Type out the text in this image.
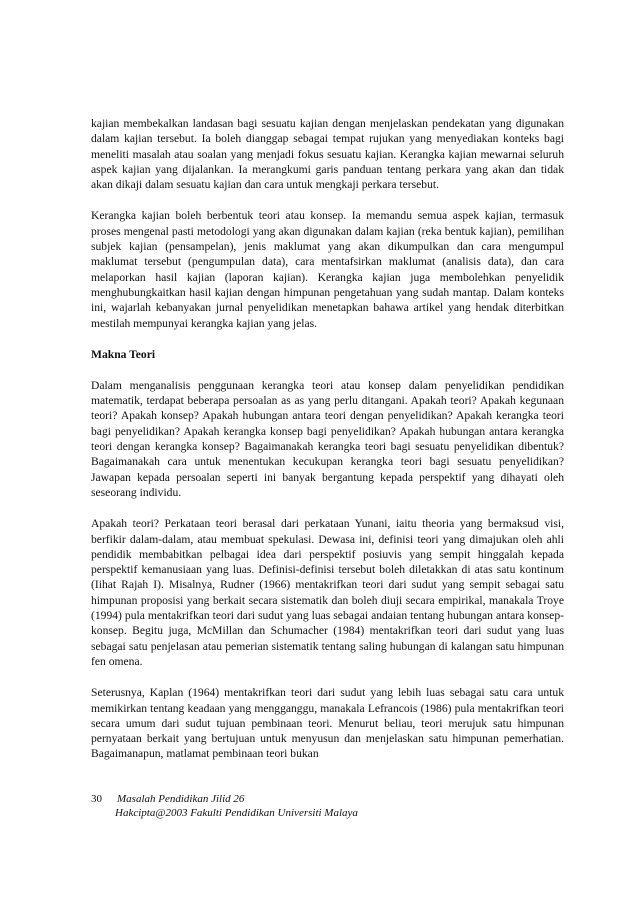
kajian membekalkan landasan bagi sesuatu kajian dengan menjelaskan pendekatan yang digunakan dalam kajian tersebut. Ia boleh dianggap sebagai tempat rujukan yang menyediakan konteks bagi meneliti masalah atau soalan yang menjadi fokus sesuatu kajian. Kerangka kajian mewarnai seluruh aspek kajian yang dijalankan. Ia merangkumi garis panduan tentang perkara yang akan dan tidak akan dikaji dalam sesuatu kajian dan cara untuk mengkaji perkara tersebut.

Kerangka kajian boleh berbentuk teori atau konsep. Ia memandu semua aspek kajian, termasuk proses mengenal pasti metodologi yang akan digunakan dalam kajian (reka bentuk kajian), pemilihan subjek kajian (pensampelan), jenis maklumat yang akan dikumpulkan dan cara mengumpul maklumat tersebut (pengumpulan data), cara mentafsirkan maklumat (analisis data), dan cara melaporkan hasil kajian (laporan kajian). Kerangka kajian juga membolehkan penyelidik menghubungkaitkan hasil kajian dengan himpunan pengetahuan yang sudah mantap. Dalam konteks ini, wajarlah kebanyakan jurnal penyelidikan menetapkan bahawa artikel yang hendak diterbitkan mestilah mempunyai kerangka kajian yang jelas.

Makna Teori

Dalam menganalisis penggunaan kerangka teori atau konsep dalam penyelidikan pendidikan matematik, terdapat beberapa persoalan as as yang perlu ditangani. Apakah teori? Apakah kegunaan teori? Apakah konsep? Apakah hubungan antara teori dengan penyelidikan? Apakah kerangka teori bagi penyelidikan? Apakah kerangka konsep bagi penyelidikan? Apakah hubungan antara kerangka teori dengan kerangka konsep? Bagaimanakah kerangka teori bagi sesuatu penyelidikan dibentuk? Bagaimanakah cara untuk menentukan kecukupan kerangka teori bagi sesuatu penyelidikan? Jawapan kepada persoalan seperti ini banyak bergantung kepada perspektif yang dihayati oleh seseorang individu.

Apakah teori? Perkataan teori berasal dari perkataan Yunani, iaitu theoria yang bermaksud visi, berfikir dalam-dalam, atau membuat spekulasi. Dewasa ini, definisi teori yang dimajukan oleh ahli pendidik membabitkan pelbagai idea dari perspektif posiuvis yang sempit hinggalah kepada perspektif kemanusiaan yang luas. Definisi-definisi tersebut boleh diletakkan di atas satu kontinum (Iihat Rajah I). Misalnya, Rudner (1966) mentakrifkan teori dari sudut yang sempit sebagai satu himpunan proposisi yang berkait secara sistematik dan boleh diuji secara empirikal, manakala Troye (1994) pula mentakrifkan teori dari sudut yang luas sebagai andaian tentang hubungan antara konsep-konsep. Begitu juga, McMillan dan Schumacher (1984) mentakrifkan teori dari sudut yang luas sebagai satu penjelasan atau pemerian sistematik tentang saling hubungan di kalangan satu himpunan fen omena.

Seterusnya, Kaplan (1964) mentakrifkan teori dari sudut yang lebih luas sebagai satu cara untuk memikirkan tentang keadaan yang mengganggu, manakala Lefrancois (1986) pula mentakrifkan teori secara umum dari sudut tujuan pembinaan teori. Menurut beliau, teori merujuk satu himpunan pernyataan berkait yang bertujuan untuk menyusun dan menjelaskan satu himpunan pemerhatian. Bagaimanapun, matlamat pembinaan teori bukan

30 Masalah Pendidikan Jilid 26
Hakcipta@2003 Fakulti Pendidikan Universiti Malaya
